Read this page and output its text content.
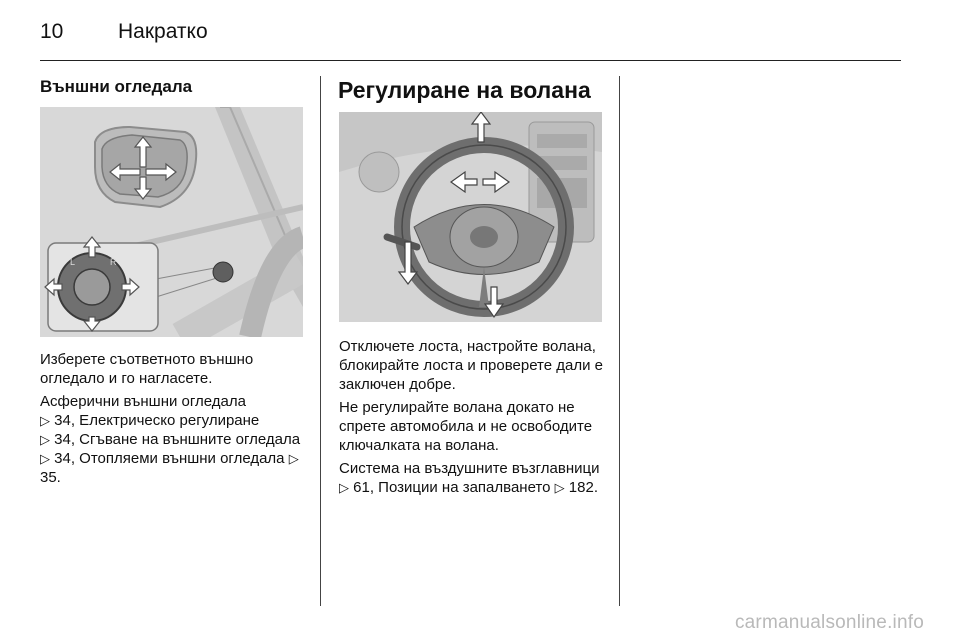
10	Накратко
Външни огледала
L	R

Изберете съответното външно огледало и го нагласете.

Асферични външни огледала
▷ 34, Електрическо регулиране
▷ 34, Сгъване на външните огледала ▷ 34, Отопляеми външни огледала ▷ 35.

Регулиране на волана

Отключете лоста, настройте волана, блокирайте лоста и проверете дали е заключен добре.

Не регулирайте волана докато не спрете автомобила и не освободите ключалката на волана.

Система на въздушните възглавници ▷ 61, Позиции на запалването ▷ 182.

carmanualsonline.info
